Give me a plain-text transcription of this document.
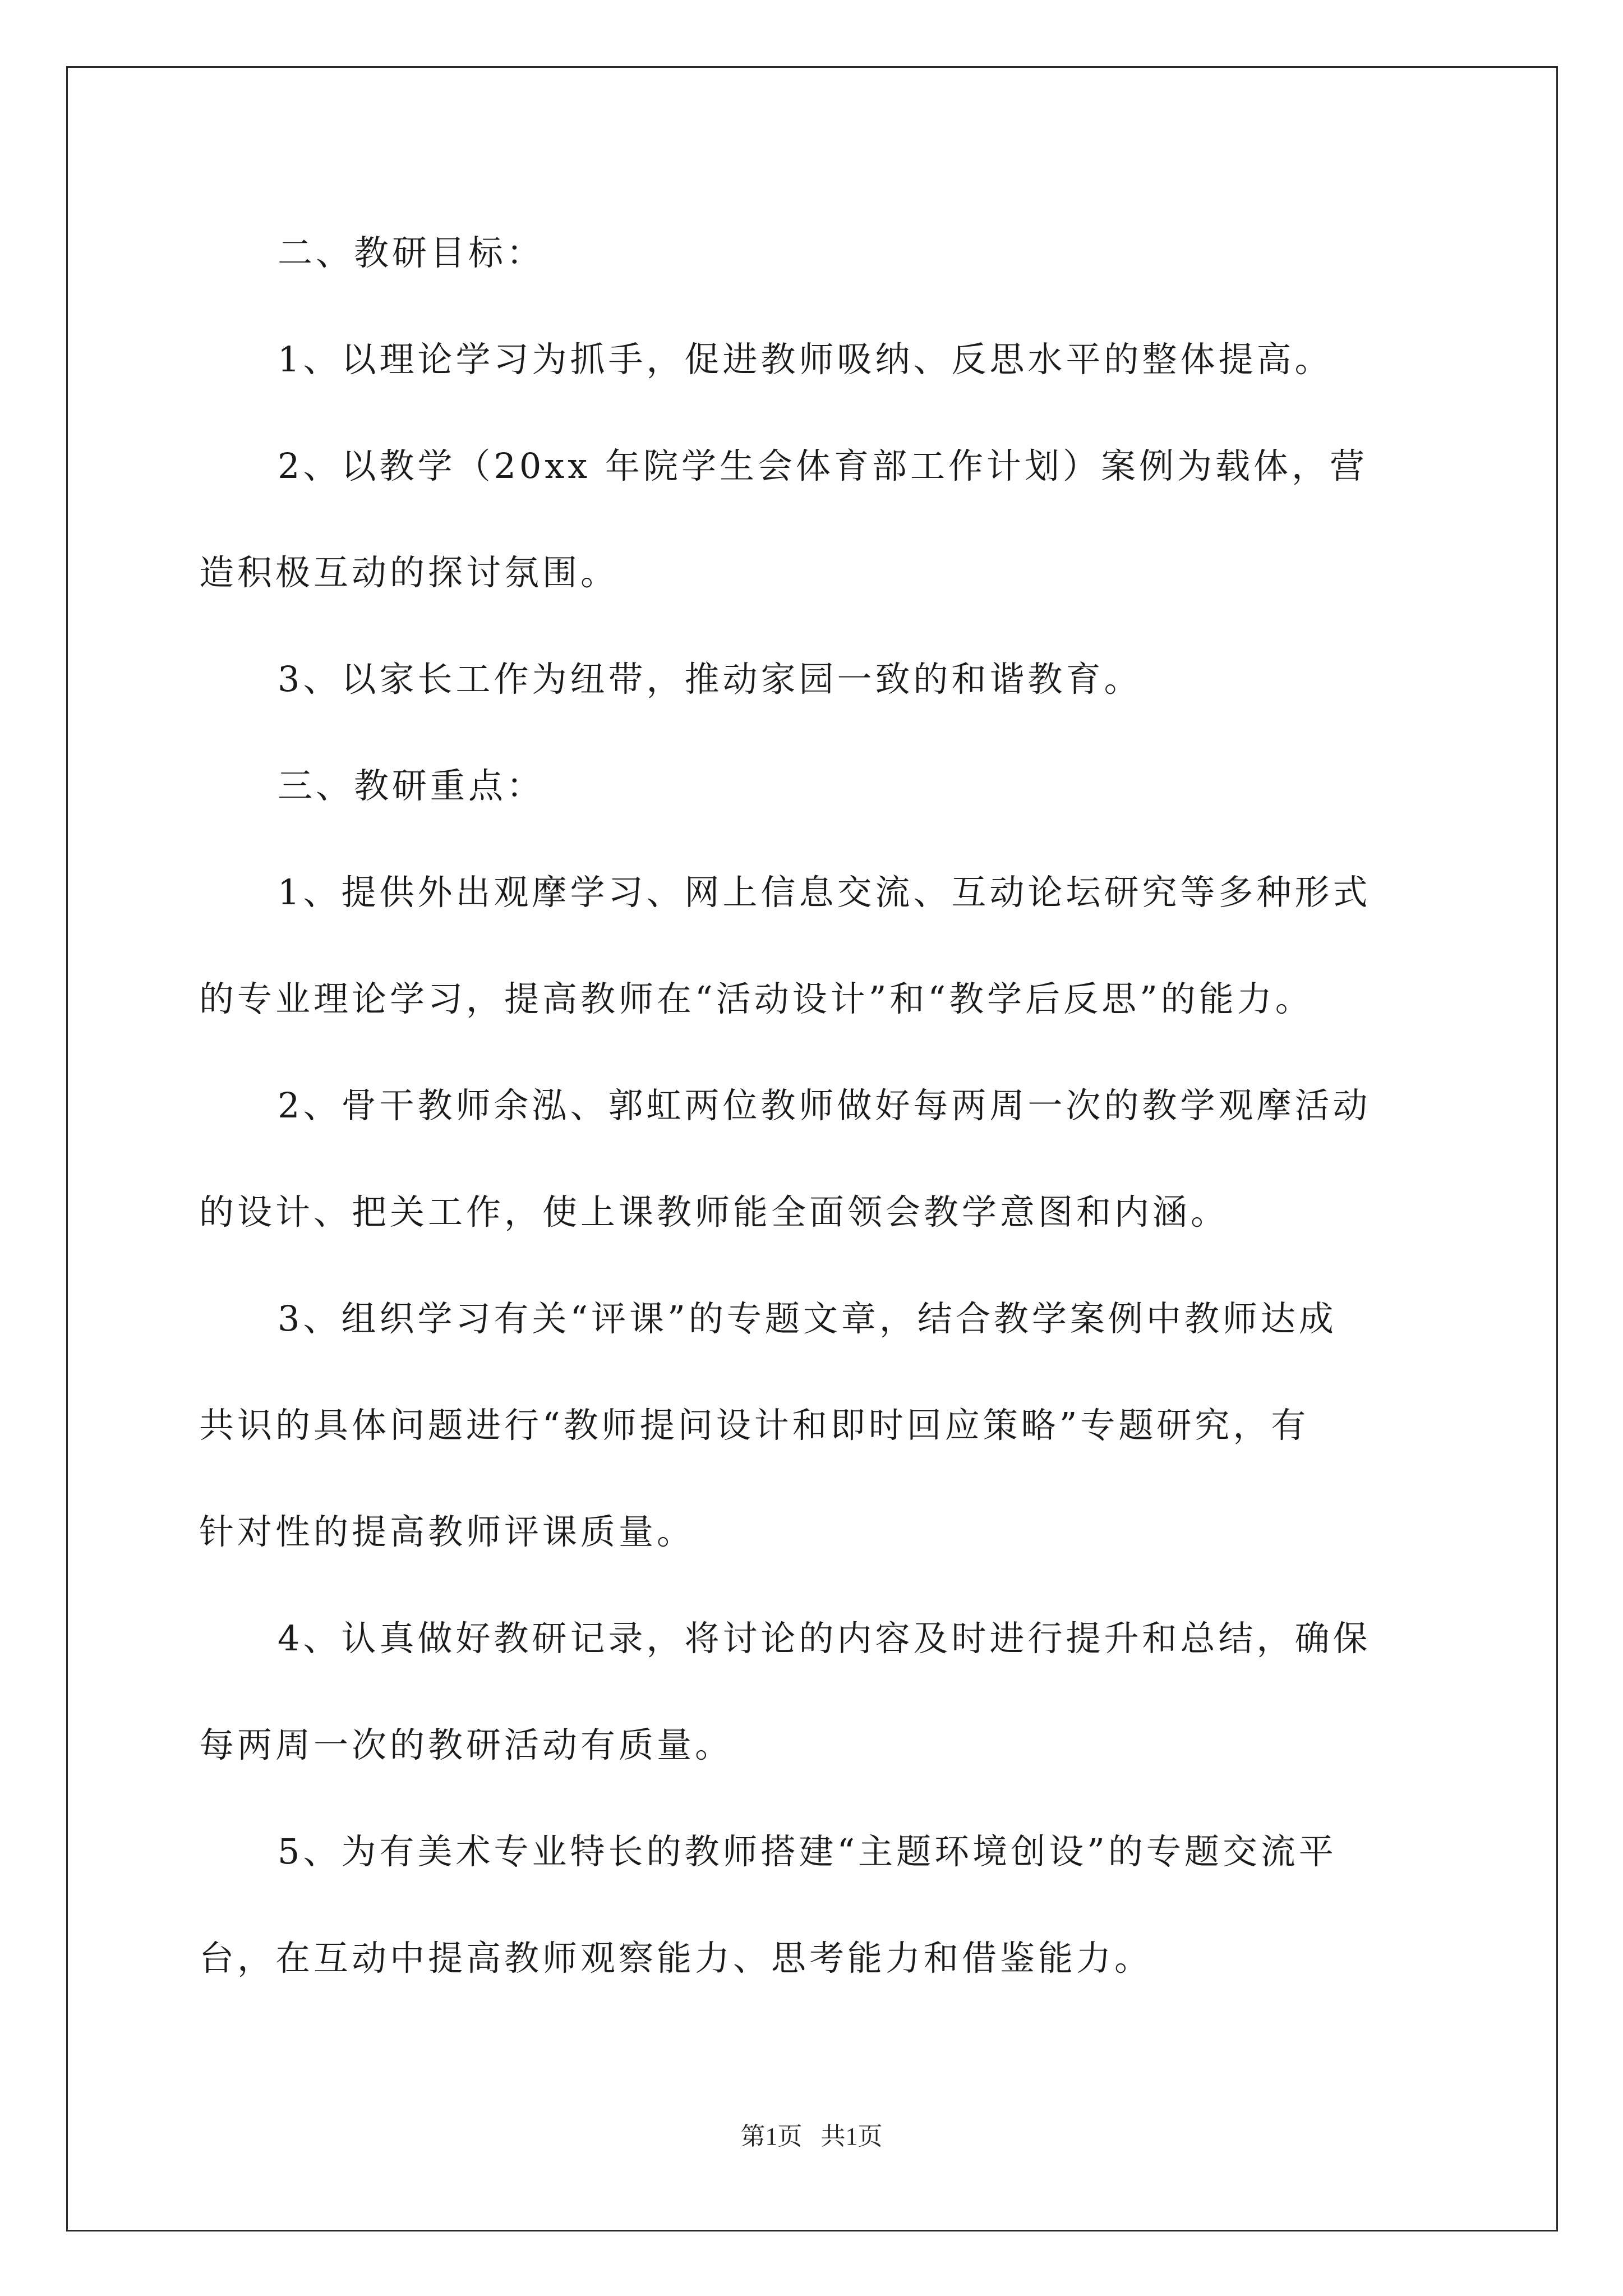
二、教研目标：
1、以理论学习为抓手，促进教师吸纳、反思水平的整体提高。
2、以教学（20xx 年院学生会体育部工作计划）案例为载体，营
造积极互动的探讨氛围。
3、以家长工作为纽带，推动家园一致的和谐教育。
三、教研重点：
1、提供外出观摩学习、网上信息交流、互动论坛研究等多种形式
的专业理论学习，提高教师在“活动设计”和“教学后反思”的能力。
2、骨干教师余泓、郭虹两位教师做好每两周一次的教学观摩活动
的设计、把关工作，使上课教师能全面领会教学意图和内涵。
3、组织学习有关“评课”的专题文章，结合教学案例中教师达成
共识的具体问题进行“教师提问设计和即时回应策略”专题研究，有
针对性的提高教师评课质量。
4、认真做好教研记录，将讨论的内容及时进行提升和总结，确保
每两周一次的教研活动有质量。
5、为有美术专业特长的教师搭建“主题环境创设”的专题交流平
台，在互动中提高教师观察能力、思考能力和借鉴能力。
第1页   共1页
